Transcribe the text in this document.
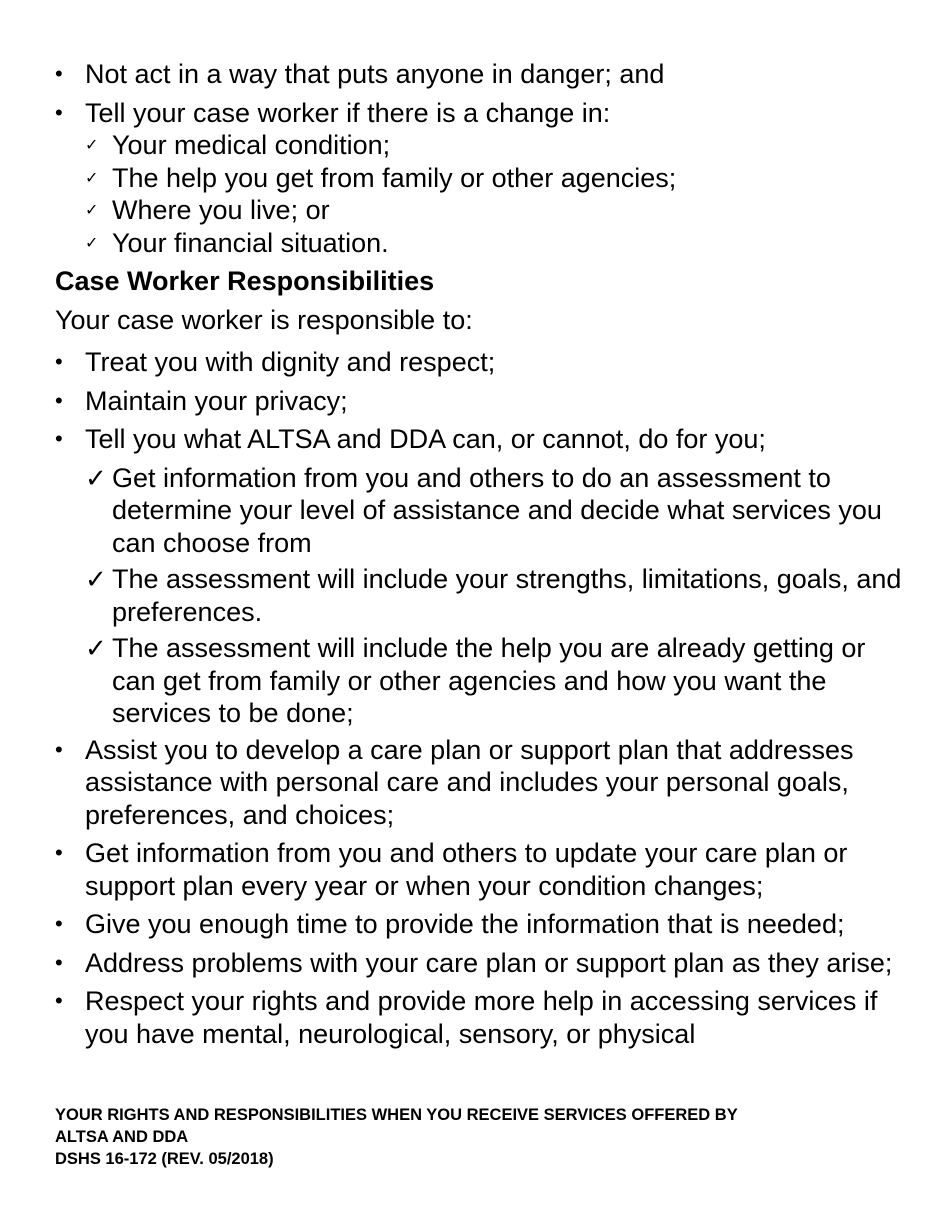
• Not act in a way that puts anyone in danger; and
• Tell your case worker if there is a change in:
✓ Your medical condition;
✓ The help you get from family or other agencies;
✓ Where you live; or
✓ Your financial situation.
Case Worker Responsibilities
Your case worker is responsible to:
• Treat you with dignity and respect;
• Maintain your privacy;
• Tell you what ALTSA and DDA can, or cannot, do for you;
✓ Get information from you and others to do an assessment to determine your level of assistance and decide what services you can choose from
✓ The assessment will include your strengths, limitations, goals, and preferences.
✓ The assessment will include the help you are already getting or can get from family or other agencies and how you want the services to be done;
• Assist you to develop a care plan or support plan that addresses assistance with personal care and includes your personal goals, preferences, and choices;
• Get information from you and others to update your care plan or support plan every year or when your condition changes;
• Give you enough time to provide the information that is needed;
• Address problems with your care plan or support plan as they arise;
• Respect your rights and provide more help in accessing services if you have mental, neurological, sensory, or physical
YOUR RIGHTS AND RESPONSIBILITIES WHEN YOU RECEIVE SERVICES OFFERED BY
ALTSA AND DDA
DSHS 16-172 (REV. 05/2018)
